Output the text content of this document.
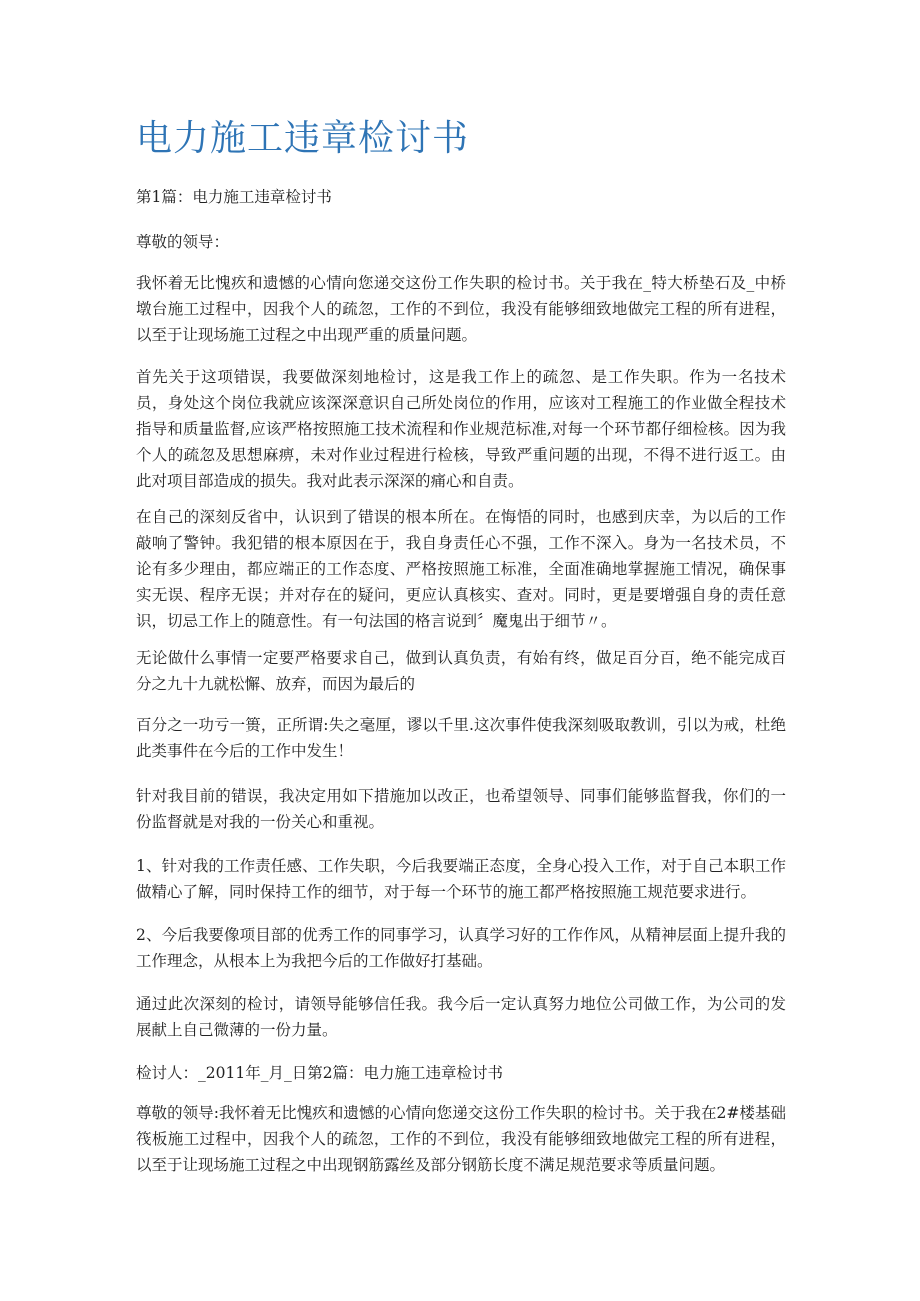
电力施工违章检讨书

第1篇：电力施工违章检讨书

尊敬的领导：

我怀着无比愧疚和遗憾的心情向您递交这份工作失职的检讨书。关于我在_特大桥垫石及_中桥墩台施工过程中，因我个人的疏忽，工作的不到位，我没有能够细致地做完工程的所有进程，以至于让现场施工过程之中出现严重的质量问题。

首先关于这项错误，我要做深刻地检讨，这是我工作上的疏忽、是工作失职。作为一名技术员，身处这个岗位我就应该深深意识自己所处岗位的作用，应该对工程施工的作业做全程技术指导和质量监督,应该严格按照施工技术流程和作业规范标准,对每一个环节都仔细检核。因为我个人的疏忽及思想麻痹，未对作业过程进行检核，导致严重问题的出现，不得不进行返工。由此对项目部造成的损失。我对此表示深深的痛心和自责。

在自己的深刻反省中，认识到了错误的根本所在。在悔悟的同时，也感到庆幸，为以后的工作敲响了警钟。我犯错的根本原因在于，我自身责任心不强，工作不深入。身为一名技术员，不论有多少理由，都应端正的工作态度、严格按照施工标准，全面准确地掌握施工情况，确保事实无误、程序无误；并对存在的疑问，更应认真核实、查对。同时，更是要增强自身的责任意识，切忌工作上的随意性。有一句法国的格言说到〞魔鬼出于细节〃。

无论做什么事情一定要严格要求自己，做到认真负责，有始有终，做足百分百，绝不能完成百分之九十九就松懈、放弃，而因为最后的

百分之一功亏一篑，正所谓:失之毫厘，谬以千里.这次事件使我深刻吸取教训，引以为戒，杜绝此类事件在今后的工作中发生！

针对我目前的错误，我决定用如下措施加以改正，也希望领导、同事们能够监督我，你们的一份监督就是对我的一份关心和重视。

1、针对我的工作责任感、工作失职，今后我要端正态度，全身心投入工作，对于自己本职工作做精心了解，同时保持工作的细节，对于每一个环节的施工都严格按照施工规范要求进行。

2、今后我要像项目部的优秀工作的同事学习，认真学习好的工作作风，从精神层面上提升我的工作理念，从根本上为我把今后的工作做好打基础。

通过此次深刻的检讨，请领导能够信任我。我今后一定认真努力地位公司做工作，为公司的发展献上自己微薄的一份力量。

检讨人：_2011年_月_日第2篇：电力施工违章检讨书

尊敬的领导:我怀着无比愧疚和遗憾的心情向您递交这份工作失职的检讨书。关于我在2#楼基础筏板施工过程中，因我个人的疏忽，工作的不到位，我没有能够细致地做完工程的所有进程，以至于让现场施工过程之中出现钢筋露丝及部分钢筋长度不满足规范要求等质量问题。
